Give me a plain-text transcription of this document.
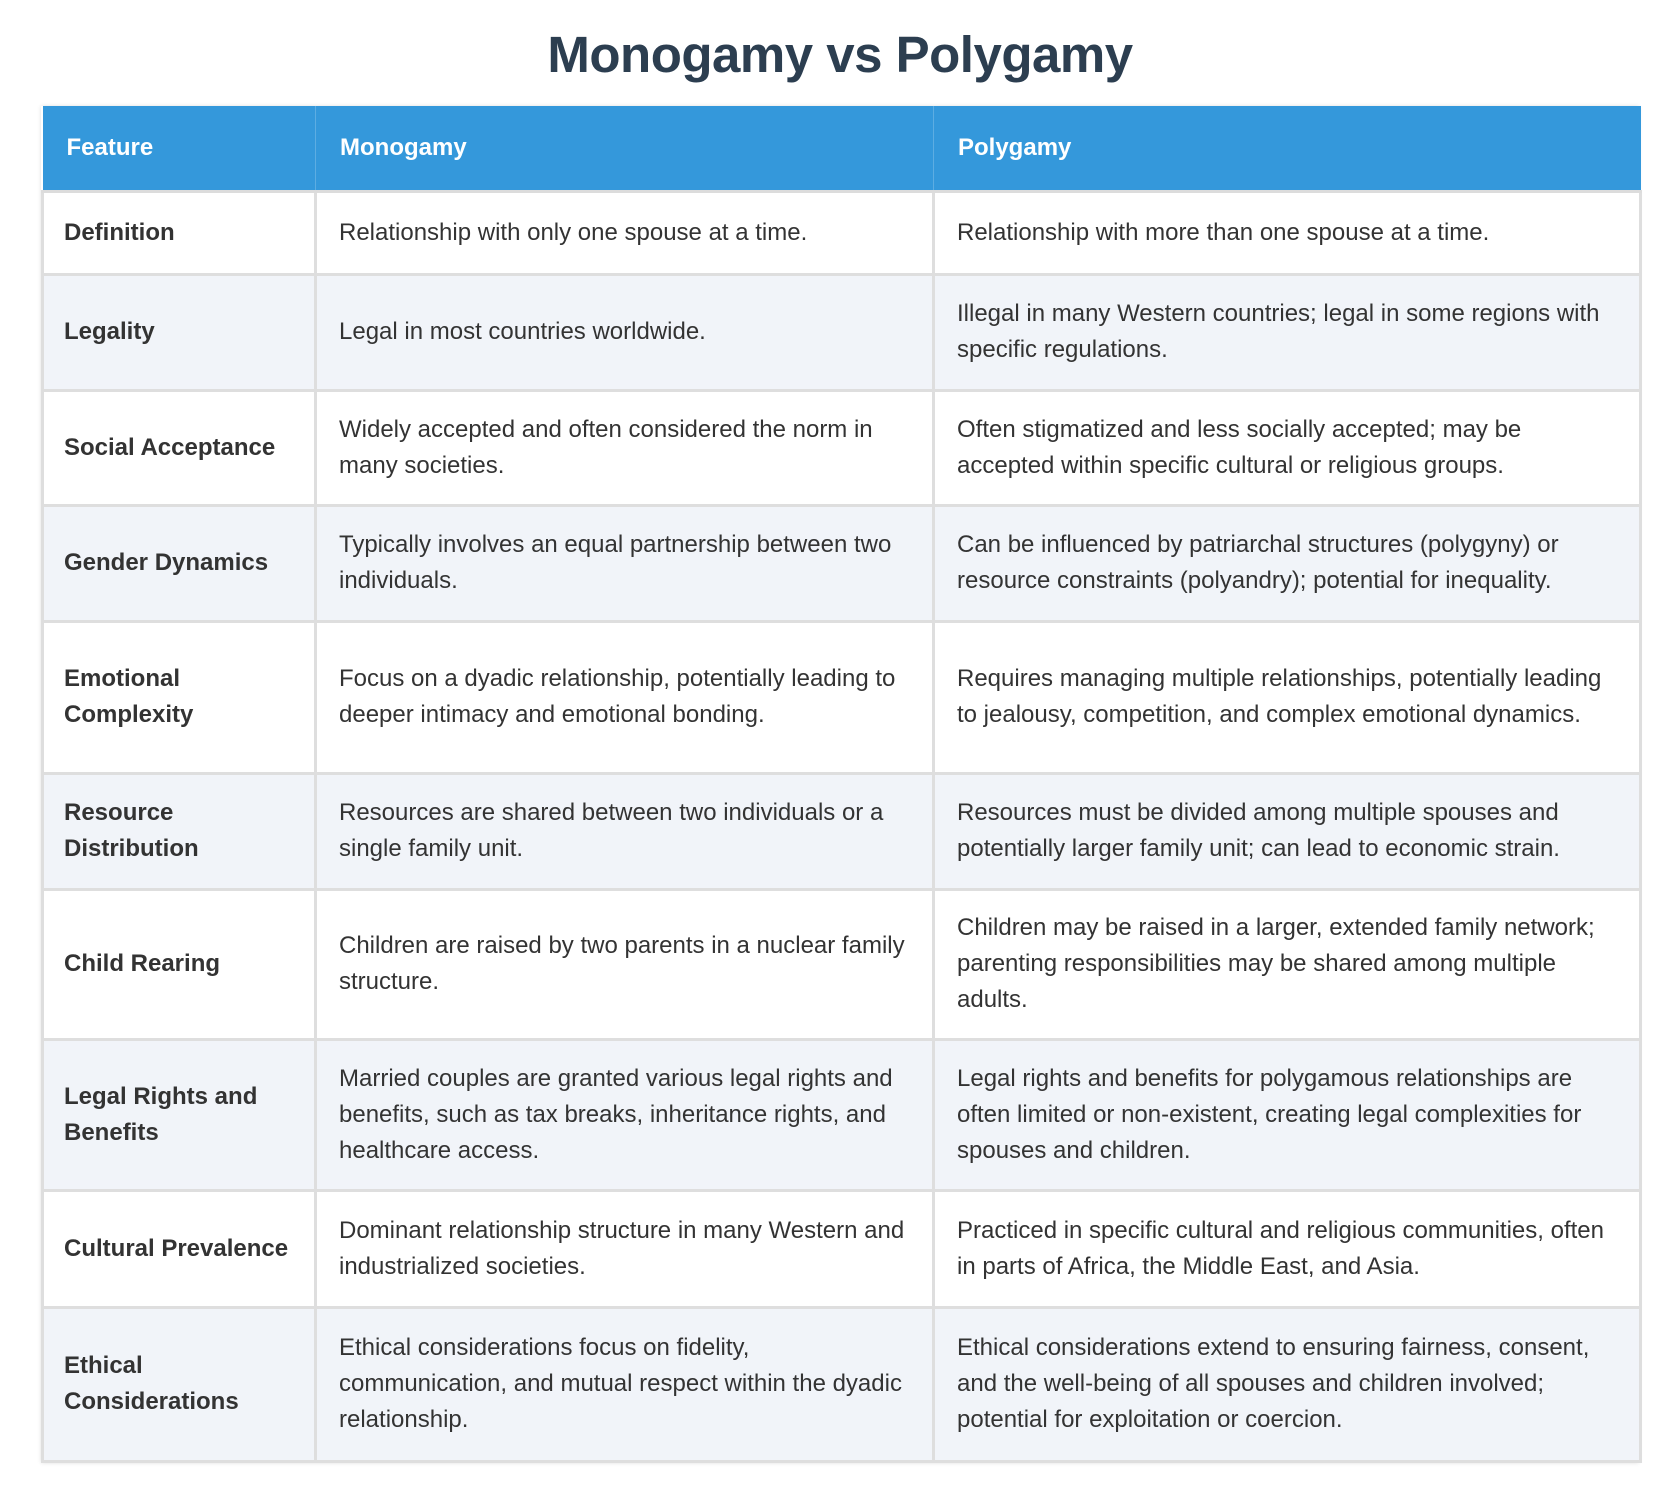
Monogamy vs Polygamy
Feature	Monogamy	Polygamy
Definition	Relationship with only one spouse at a time.	Relationship with more than one spouse at a time.
Legality	Legal in most countries worldwide.	Illegal in many Western countries; legal in some regions with specific regulations.
Social Acceptance	Widely accepted and often considered the norm in many societies.	Often stigmatized and less socially accepted; may be accepted within specific cultural or religious groups.
Gender Dynamics	Typically involves an equal partnership between two individuals.	Can be influenced by patriarchal structures (polygyny) or resource constraints (polyandry); potential for inequality.
Emotional Complexity	Focus on a dyadic relationship, potentially leading to deeper intimacy and emotional bonding.	Requires managing multiple relationships, potentially leading to jealousy, competition, and complex emotional dynamics.
Resource Distribution	Resources are shared between two individuals or a single family unit.	Resources must be divided among multiple spouses and potentially larger family unit; can lead to economic strain.
Child Rearing	Children are raised by two parents in a nuclear family structure.	Children may be raised in a larger, extended family network; parenting responsibilities may be shared among multiple adults.
Legal Rights and Benefits	Married couples are granted various legal rights and benefits, such as tax breaks, inheritance rights, and healthcare access.	Legal rights and benefits for polygamous relationships are often limited or non-existent, creating legal complexities for spouses and children.
Cultural Prevalence	Dominant relationship structure in many Western and industrialized societies.	Practiced in specific cultural and religious communities, often in parts of Africa, the Middle East, and Asia.
Ethical Considerations	Ethical considerations focus on fidelity, communication, and mutual respect within the dyadic relationship.	Ethical considerations extend to ensuring fairness, consent, and the well-being of all spouses and children involved; potential for exploitation or coercion.
